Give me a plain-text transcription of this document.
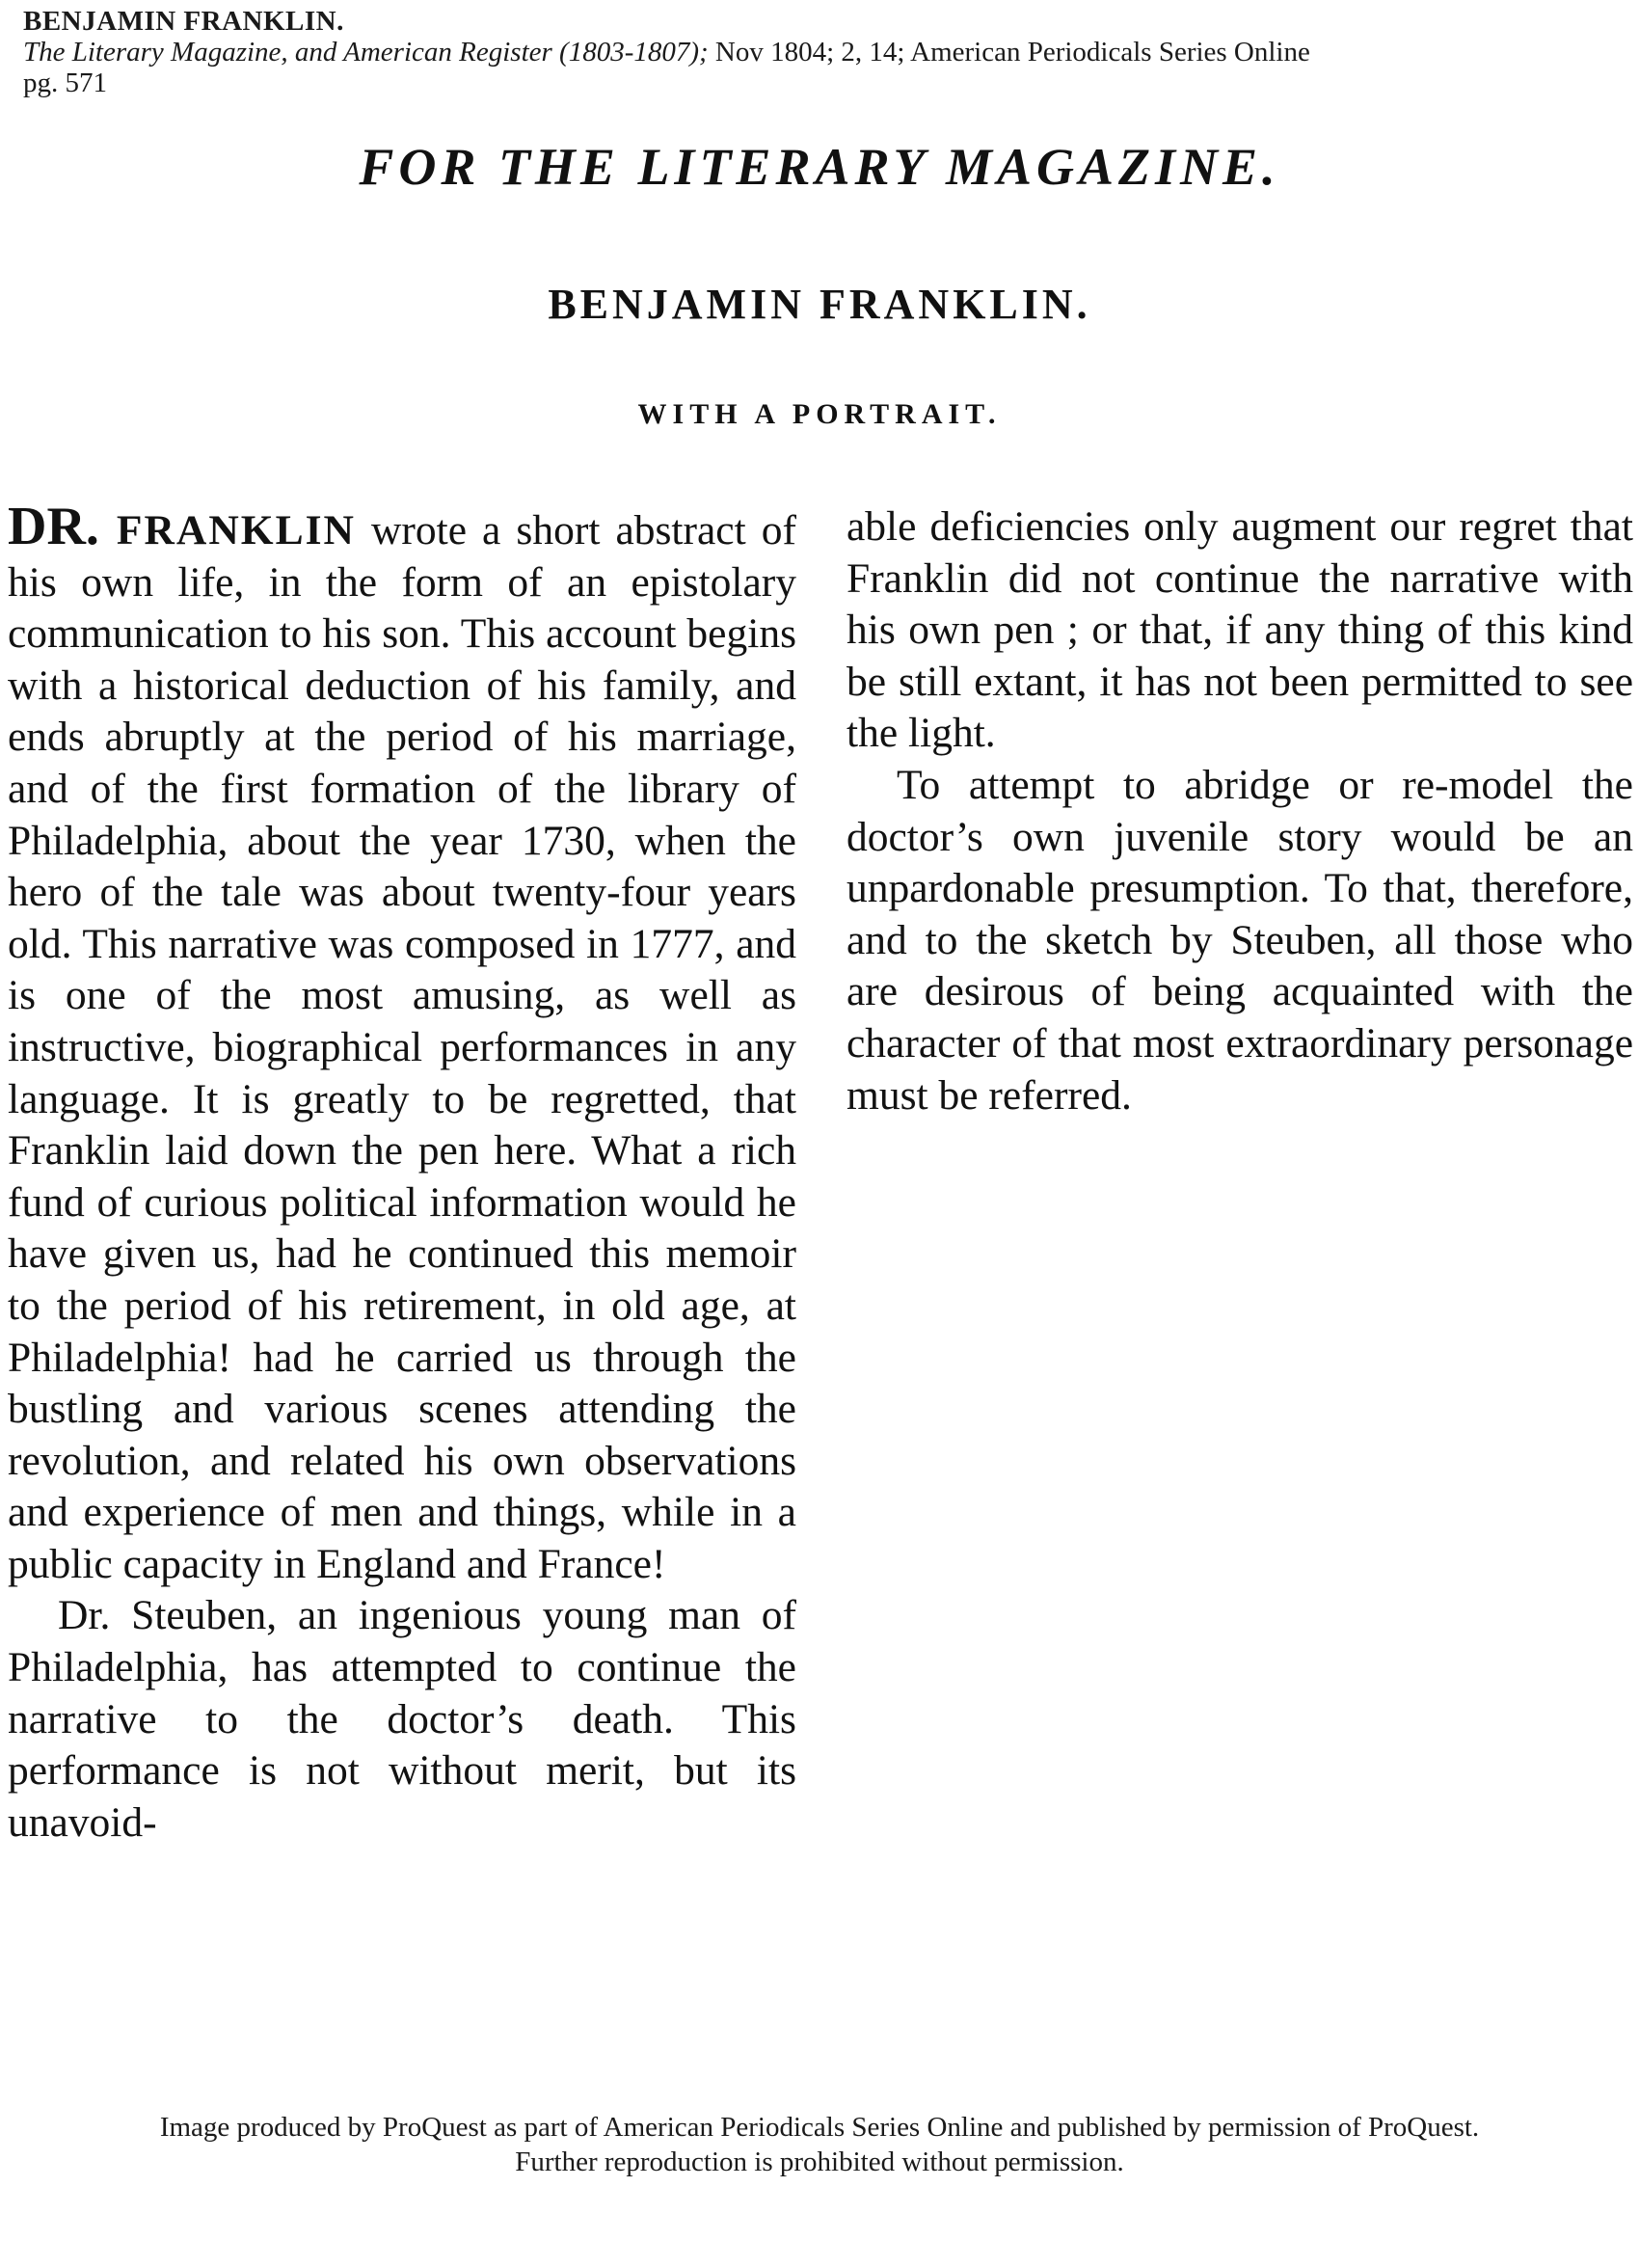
BENJAMIN FRANKLIN.
The Literary Magazine, and American Register (1803-1807); Nov 1804; 2, 14; American Periodicals Series Online
pg. 571
FOR THE LITERARY MAGAZINE.
BENJAMIN FRANKLIN.
WITH A PORTRAIT.

DR. FRANKLIN wrote a short abstract of his own life, in the form of an epistolary communication to his son. This account begins with a historical deduction of his family, and ends abruptly at the period of his marriage, and of the first formation of the library of Philadelphia, about the year 1730, when the hero of the tale was about twenty-four years old. This narrative was composed in 1777, and is one of the most amusing, as well as instructive, biographical performances in any language. It is greatly to be regretted, that Franklin laid down the pen here. What a rich fund of curious political information would he have given us, had he continued this memoir to the period of his retirement, in old age, at Philadelphia! had he carried us through the bustling and various scenes attending the revolution, and related his own observations and experience of men and things, while in a public capacity in England and France!

Dr. Steuben, an ingenious young man of Philadelphia, has attempted to continue the narrative to the doctor’s death. This performance is not without merit, but its unavoid-

able deficiencies only augment our regret that Franklin did not continue the narrative with his own pen ; or that, if any thing of this kind be still extant, it has not been permitted to see the light.

To attempt to abridge or re-model the doctor’s own juvenile story would be an unpardonable presumption. To that, therefore, and to the sketch by Steuben, all those who are desirous of being acquainted with the character of that most extraordinary personage must be referred.

Image produced by ProQuest as part of American Periodicals Series Online and published by permission of ProQuest.
Further reproduction is prohibited without permission.
